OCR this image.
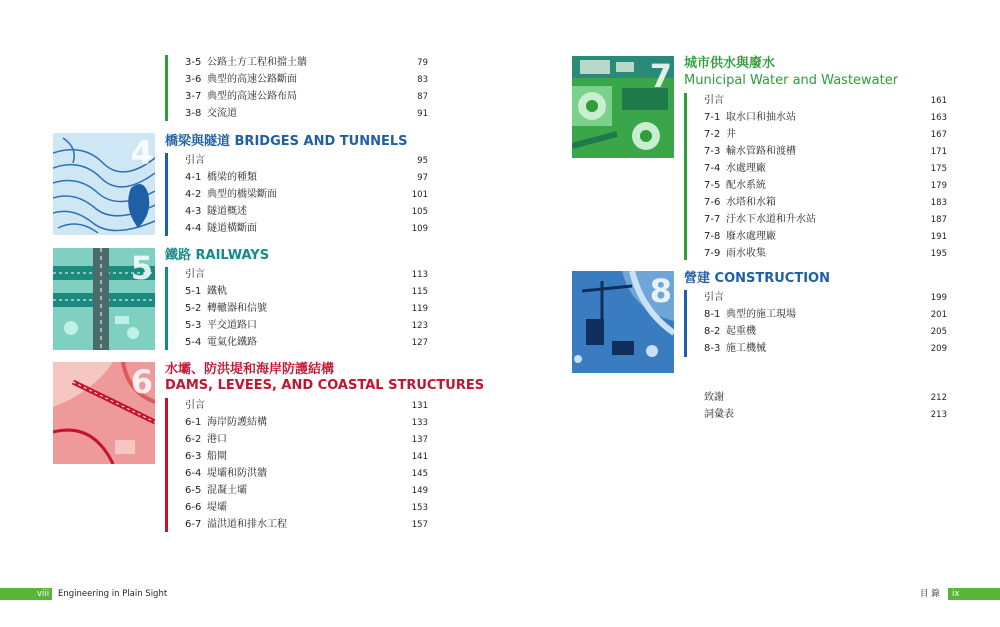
3-5 公路土方工程和擋土牆	79
3-6 典型的高速公路斷面	83
3-7 典型的高速公路布局	87
3-8 交流道	91
4 橋梁與隧道 BRIDGES AND TUNNELS
引言	95
4-1 橋梁的種類	97
4-2 典型的橋梁斷面	101
4-3 隧道概述	105
4-4 隧道橫斷面	109
5 鐵路 RAILWAYS
引言	113
5-1 鐵軌	115
5-2 轉轍器和信號	119
5-3 平交道路口	123
5-4 電氣化鐵路	127
6 水壩、防洪堤和海岸防護結構
DAMS, LEVEES, AND COASTAL STRUCTURES
引言	131
6-1 海岸防護結構	133
6-2 港口	137
6-3 船閘	141
6-4 堤壩和防洪牆	145
6-5 混凝土壩	149
6-6 堤壩	153
6-7 溢洪道和排水工程	157
7 城市供水與廢水
Municipal Water and Wastewater
引言	161
7-1 取水口和抽水站	163
7-2 井	167
7-3 輸水管路和渡槽	171
7-4 水處理廠	175
7-5 配水系統	179
7-6 水塔和水箱	183
7-7 汙水下水道和升水站	187
7-8 廢水處理廠	191
7-9 雨水收集	195
8 營建 CONSTRUCTION
引言	199
8-1 典型的施工現場	201
8-2 起重機	205
8-3 施工機械	209
致謝	212
詞彙表	213
viii Engineering in Plain Sight	目 錄 ix
